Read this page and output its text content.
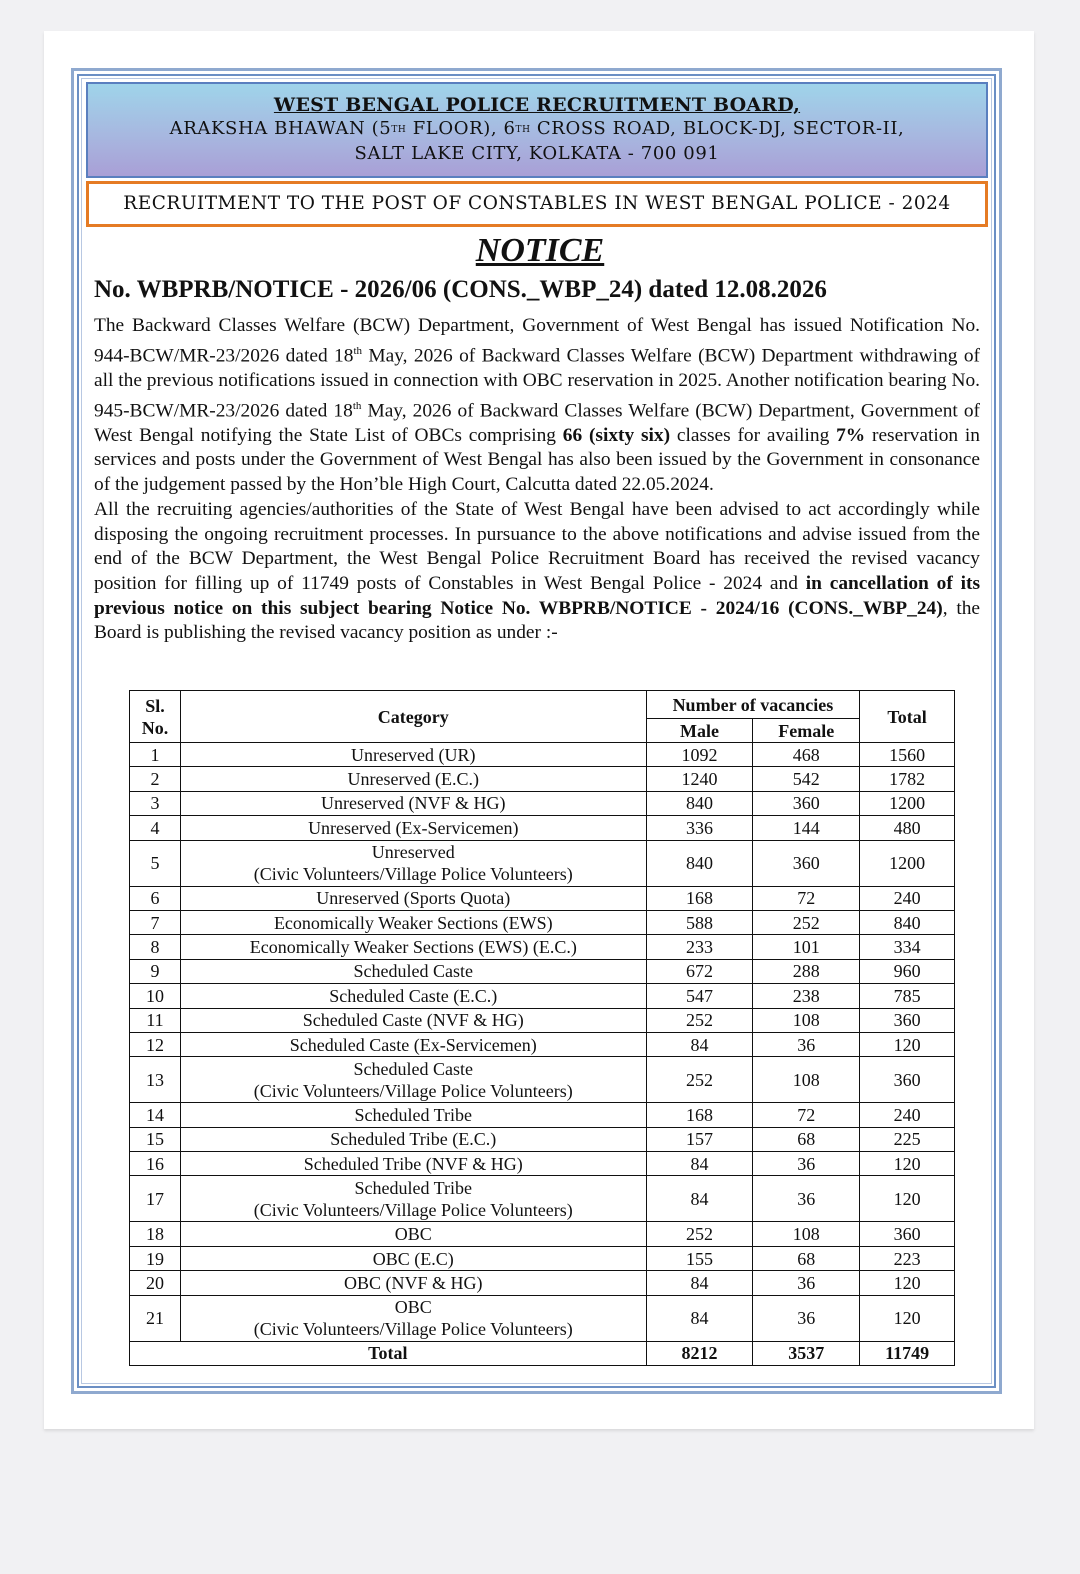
WEST BENGAL POLICE RECRUITMENT BOARD,
ARAKSHA BHAWAN (5TH FLOOR), 6TH CROSS ROAD, BLOCK-DJ, SECTOR-II,
SALT LAKE CITY, KOLKATA - 700 091
RECRUITMENT TO THE POST OF CONSTABLES IN WEST BENGAL POLICE - 2024
NOTICE
No. WBPRB/NOTICE - 2026/06 (CONS._WBP_24) dated 12.08.2026

The Backward Classes Welfare (BCW) Department, Government of West Bengal has issued Notification No. 944-BCW/MR-23/2026 dated 18th May, 2026 of Backward Classes Welfare (BCW) Department withdrawing of all the previous notifications issued in connection with OBC reservation in 2025. Another notification bearing No. 945-BCW/MR-23/2026 dated 18th May, 2026 of Backward Classes Welfare (BCW) Department, Government of West Bengal notifying the State List of OBCs comprising 66 (sixty six) classes for availing 7% reservation in services and posts under the Government of West Bengal has also been issued by the Government in consonance of the judgement passed by the Hon’ble High Court, Calcutta dated 22.05.2024.

All the recruiting agencies/authorities of the State of West Bengal have been advised to act accordingly while disposing the ongoing recruitment processes. In pursuance to the above notifications and advise issued from the end of the BCW Department, the West Bengal Police Recruitment Board has received the revised vacancy position for filling up of 11749 posts of Constables in West Bengal Police - 2024 and in cancellation of its previous notice on this subject bearing Notice No. WBPRB/NOTICE - 2024/16 (CONS._WBP_24), the Board is publishing the revised vacancy position as under :-

Sl.
No.	Category	Number of vacancies		Total
		Male	Female	
1	Unreserved (UR)	1092	468	1560
2	Unreserved (E.C.)	1240	542	1782
3	Unreserved (NVF & HG)	840	360	1200
4	Unreserved (Ex-Servicemen)	336	144	480
5	Unreserved
(Civic Volunteers/Village Police Volunteers)	840	360	1200
6	Unreserved (Sports Quota)	168	72	240
7	Economically Weaker Sections (EWS)	588	252	840
8	Economically Weaker Sections (EWS) (E.C.)	233	101	334
9	Scheduled Caste	672	288	960
10	Scheduled Caste (E.C.)	547	238	785
11	Scheduled Caste (NVF & HG)	252	108	360
12	Scheduled Caste (Ex-Servicemen)	84	36	120
13	Scheduled Caste
(Civic Volunteers/Village Police Volunteers)	252	108	360
14	Scheduled Tribe	168	72	240
15	Scheduled Tribe (E.C.)	157	68	225
16	Scheduled Tribe (NVF & HG)	84	36	120
17	Scheduled Tribe
(Civic Volunteers/Village Police Volunteers)	84	36	120
18	OBC	252	108	360
19	OBC (E.C)	155	68	223
20	OBC (NVF & HG)	84	36	120
21	OBC
(Civic Volunteers/Village Police Volunteers)	84	36	120
Total		8212	3537	11749
